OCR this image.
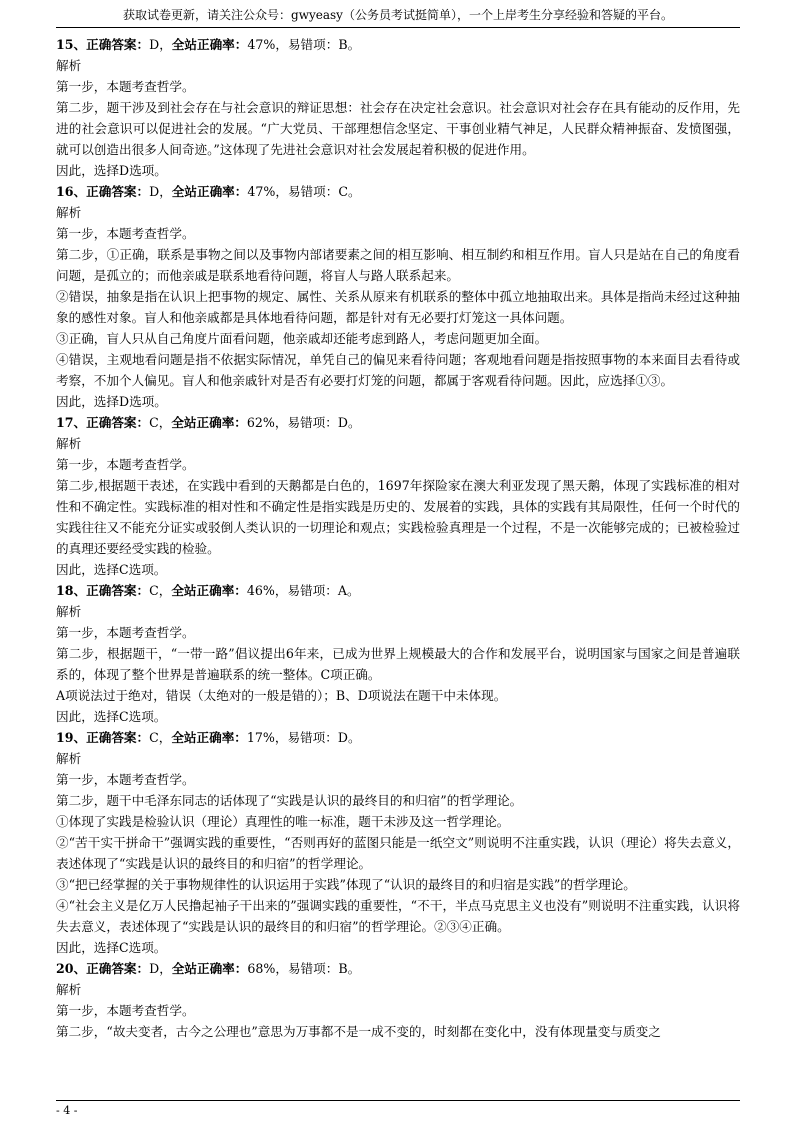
获取试卷更新，请关注公众号：gwyeasy（公务员考试挺简单），一个上岸考生分享经验和答疑的平台。

15、正确答案：D，全站正确率：47%，易错项：B。

解析

第一步，本题考查哲学。

第二步，题干涉及到社会存在与社会意识的辩证思想：社会存在决定社会意识。社会意识对社会存在具有能动的反作用，先进的社会意识可以促进社会的发展。“广大党员、干部理想信念坚定、干事创业精气神足，人民群众精神振奋、发愤图强，就可以创造出很多人间奇迹。”这体现了先进社会意识对社会发展起着积极的促进作用。

因此，选择D选项。

16、正确答案：D，全站正确率：47%，易错项：C。

解析

第一步，本题考查哲学。

第二步，①正确，联系是事物之间以及事物内部诸要素之间的相互影响、相互制约和相互作用。盲人只是站在自己的角度看问题，是孤立的；而他亲戚是联系地看待问题，将盲人与路人联系起来。

②错误，抽象是指在认识上把事物的规定、属性、关系从原来有机联系的整体中孤立地抽取出来。具体是指尚未经过这种抽象的感性对象。盲人和他亲戚都是具体地看待问题，都是针对有无必要打灯笼这一具体问题。

③正确，盲人只从自己角度片面看问题，他亲戚却还能考虑到路人，考虑问题更加全面。

④错误，主观地看问题是指不依据实际情况，单凭自己的偏见来看待问题；客观地看问题是指按照事物的本来面目去看待或考察，不加个人偏见。盲人和他亲戚针对是否有必要打灯笼的问题，都属于客观看待问题。因此，应选择①③。

因此，选择D选项。

17、正确答案：C，全站正确率：62%，易错项：D。

解析

第一步，本题考查哲学。

第二步,根据题干表述，在实践中看到的天鹅都是白色的，1697年探险家在澳大利亚发现了黑天鹅，体现了实践标准的相对性和不确定性。实践标准的相对性和不确定性是指实践是历史的、发展着的实践，具体的实践有其局限性，任何一个时代的实践往往又不能充分证实或驳倒人类认识的一切理论和观点；实践检验真理是一个过程，不是一次能够完成的；已被检验过的真理还要经受实践的检验。

因此，选择C选项。

18、正确答案：C，全站正确率：46%，易错项：A。

解析

第一步，本题考查哲学。

第二步，根据题干，“一带一路”倡议提出6年来，已成为世界上规模最大的合作和发展平台，说明国家与国家之间是普遍联系的，体现了整个世界是普遍联系的统一整体。C项正确。

A项说法过于绝对，错误（太绝对的一般是错的）；B、D项说法在题干中未体现。

因此，选择C选项。

19、正确答案：C，全站正确率：17%，易错项：D。

解析

第一步，本题考查哲学。

第二步，题干中毛泽东同志的话体现了“实践是认识的最终目的和归宿”的哲学理论。

①体现了实践是检验认识（理论）真理性的唯一标准，题干未涉及这一哲学理论。

②“苦干实干拼命干”强调实践的重要性，“否则再好的蓝图只能是一纸空文”则说明不注重实践，认识（理论）将失去意义，表述体现了“实践是认识的最终目的和归宿”的哲学理论。

③“把已经掌握的关于事物规律性的认识运用于实践”体现了“认识的最终目的和归宿是实践”的哲学理论。

④“社会主义是亿万人民撸起袖子干出来的”强调实践的重要性，“不干，半点马克思主义也没有”则说明不注重实践，认识将失去意义，表述体现了“实践是认识的最终目的和归宿”的哲学理论。②③④正确。

因此，选择C选项。

20、正确答案：D，全站正确率：68%，易错项：B。

解析

第一步，本题考查哲学。

第二步，“故夫变者，古今之公理也”意思为万事都不是一成不变的，时刻都在变化中，没有体现量变与质变之

- 4 -
